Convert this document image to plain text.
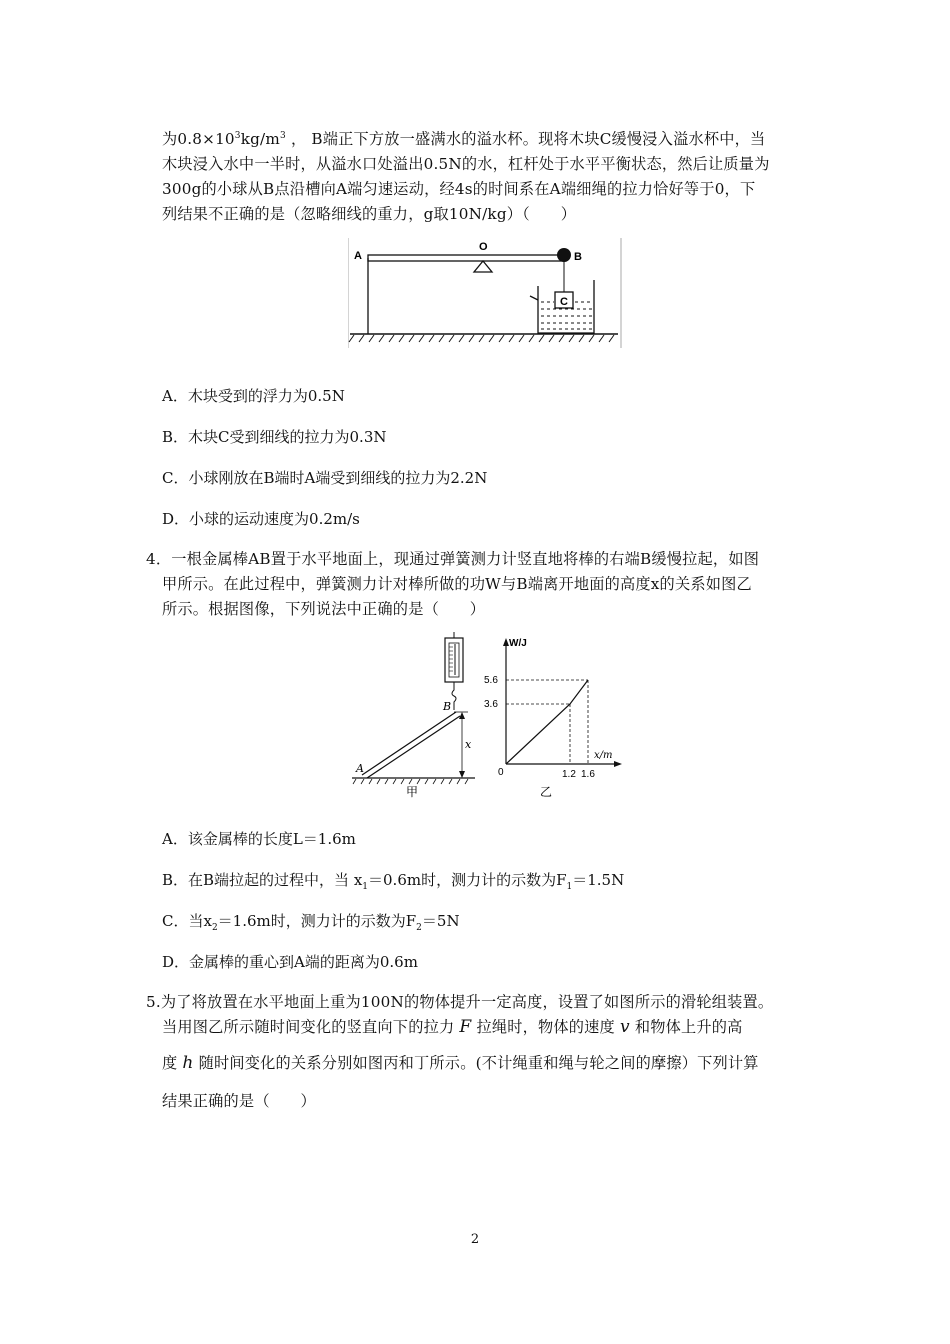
为$0.8\times 10^3kg/m^3$ ， B端正下方放一盛满水的溢水杯。现将木块C缓慢浸入溢水杯中，当
木块浸入水中一半时，从溢水口处溢出0.5N的水，杠杆处于水平平衡状态，然后让质量为
300g的小球从B点沿槽向A端匀速运动，经4s的时间系在A端细绳的拉力恰好等于0，下
列结果不正确的是（忽略细线的重力，g取10N/kg）（　　）
A
O
B
C
A．木块受到的浮力为0.5N
B．木块C受到细线的拉力为0.3N
C．小球刚放在B端时A端受到细线的拉力为2.2N
D．小球的运动速度为0.2m/s
4．一根金属棒AB置于水平地面上，现通过弹簧测力计竖直地将棒的右端B缓慢拉起，如图
甲所示。在此过程中，弹簧测力计对棒所做的功W与B端离开地面的高度x的关系如图乙
所示。根据图像，下列说法中正确的是（　　）
A
B
x
甲
W/J
x/m
5.6
3.6
0	1.2 1.6
乙
A．该金属棒的长度L＝1.6m
B．在B端拉起的过程中，当 $x_1=0.6m$时，测力计的示数为$F_1=1.5N$
C．当$x_2=1.6m$时，测力计的示数为$F_2=5N$
D．金属棒的重心到A端的距离为0.6m
5.为了将放置在水平地面上重为100N的物体提升一定高度，设置了如图所示的滑轮组装置。
当用图乙所示随时间变化的竖直向下的拉力 F 拉绳时，物体的速度 v 和物体上升的高
度 h 随时间变化的关系分别如图丙和丁所示。(不计绳重和绳与轮之间的摩擦）下列计算
结果正确的是（　　）
2
